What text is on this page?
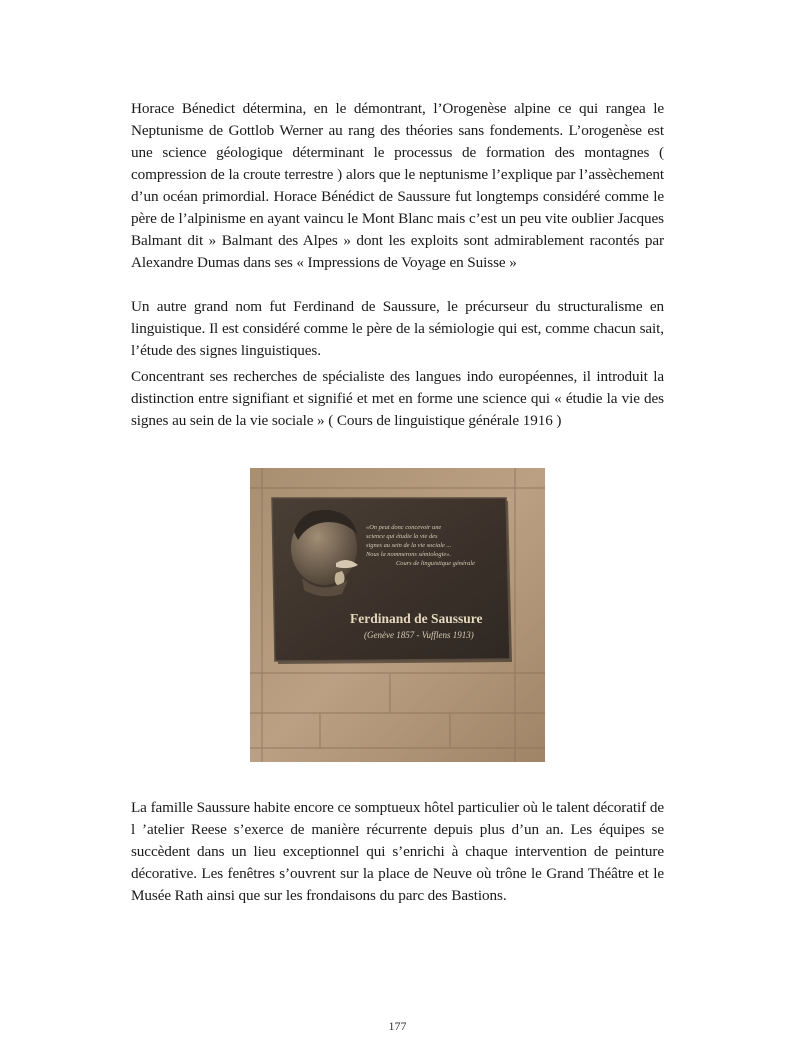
Horace Bénedict détermina, en le démontrant, l’Orogenèse alpine ce qui rangea le Neptunisme de Gottlob Werner au rang des théories sans fondements. L’orogenèse est une science géologique déterminant le processus de formation des montagnes ( compression de la croute terrestre ) alors que le neptunisme l’explique par l’assèchement d’un océan primordial. Horace Bénédict de Saussure fut longtemps considéré comme le père de l’alpinisme en ayant vaincu le Mont Blanc mais c’est un peu vite oublier Jacques Balmant dit » Balmant des Alpes » dont les exploits sont admirablement racontés par Alexandre Dumas dans ses « Impressions de Voyage en Suisse »

Un autre grand nom fut Ferdinand de Saussure, le précurseur du structuralisme en linguistique. Il est considéré comme le père de la sémiologie qui est, comme chacun sait, l’étude des signes linguistiques.

Concentrant ses recherches de spécialiste des langues indo européennes, il introduit la distinction entre signifiant et signifié et met en forme une science qui « étudie la vie des signes au sein de la vie sociale » ( Cours de linguistique générale 1916 )

«On peut donc concevoir une
science qui étudie la vie des
signes au sein de la vie sociale ...
Nous la nommerons sémiologie».
Cours de linguistique générale
Ferdinand de Saussure
(Genève 1857 - Vufflens 1913)

La famille Saussure habite encore ce somptueux hôtel particulier où le talent décoratif de l ’atelier Reese s’exerce de manière récurrente depuis plus d’un an. Les équipes se succèdent dans un lieu exceptionnel qui s’enrichi à chaque intervention de peinture décorative. Les fenêtres s’ouvrent sur la place de Neuve où trône le Grand Théâtre et le Musée Rath ainsi que sur les frondaisons du parc des Bastions.

177
